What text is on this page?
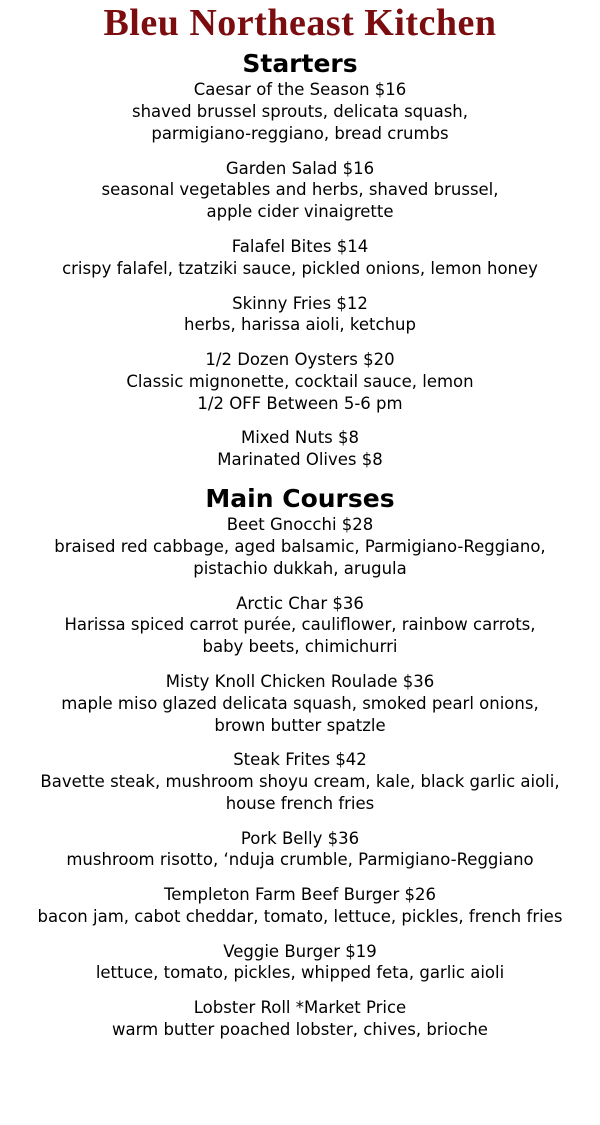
Bleu Northeast Kitchen
Starters
Caesar of the Season $16
shaved brussel sprouts, delicata squash,
parmigiano-reggiano, bread crumbs
Garden Salad $16
seasonal vegetables and herbs, shaved brussel,
apple cider vinaigrette
Falafel Bites $14
crispy falafel, tzatziki sauce, pickled onions, lemon honey
Skinny Fries $12
herbs, harissa aioli, ketchup
1/2 Dozen Oysters $20
Classic mignonette, cocktail sauce, lemon
1/2 OFF Between 5-6 pm
Mixed Nuts $8
Marinated Olives $8
Main Courses
Beet Gnocchi $28
braised red cabbage, aged balsamic, Parmigiano-Reggiano,
pistachio dukkah, arugula
Arctic Char $36
Harissa spiced carrot purée, cauliflower, rainbow carrots,
baby beets, chimichurri
Misty Knoll Chicken Roulade $36
maple miso glazed delicata squash, smoked pearl onions,
brown butter spatzle
Steak Frites $42
Bavette steak, mushroom shoyu cream, kale, black garlic aioli,
house french fries
Pork Belly $36
mushroom risotto, ‘nduja crumble, Parmigiano-Reggiano
Templeton Farm Beef Burger $26
bacon jam, cabot cheddar, tomato, lettuce, pickles, french fries
Veggie Burger $19
lettuce, tomato, pickles, whipped feta, garlic aioli
Lobster Roll *Market Price
warm butter poached lobster, chives, brioche
